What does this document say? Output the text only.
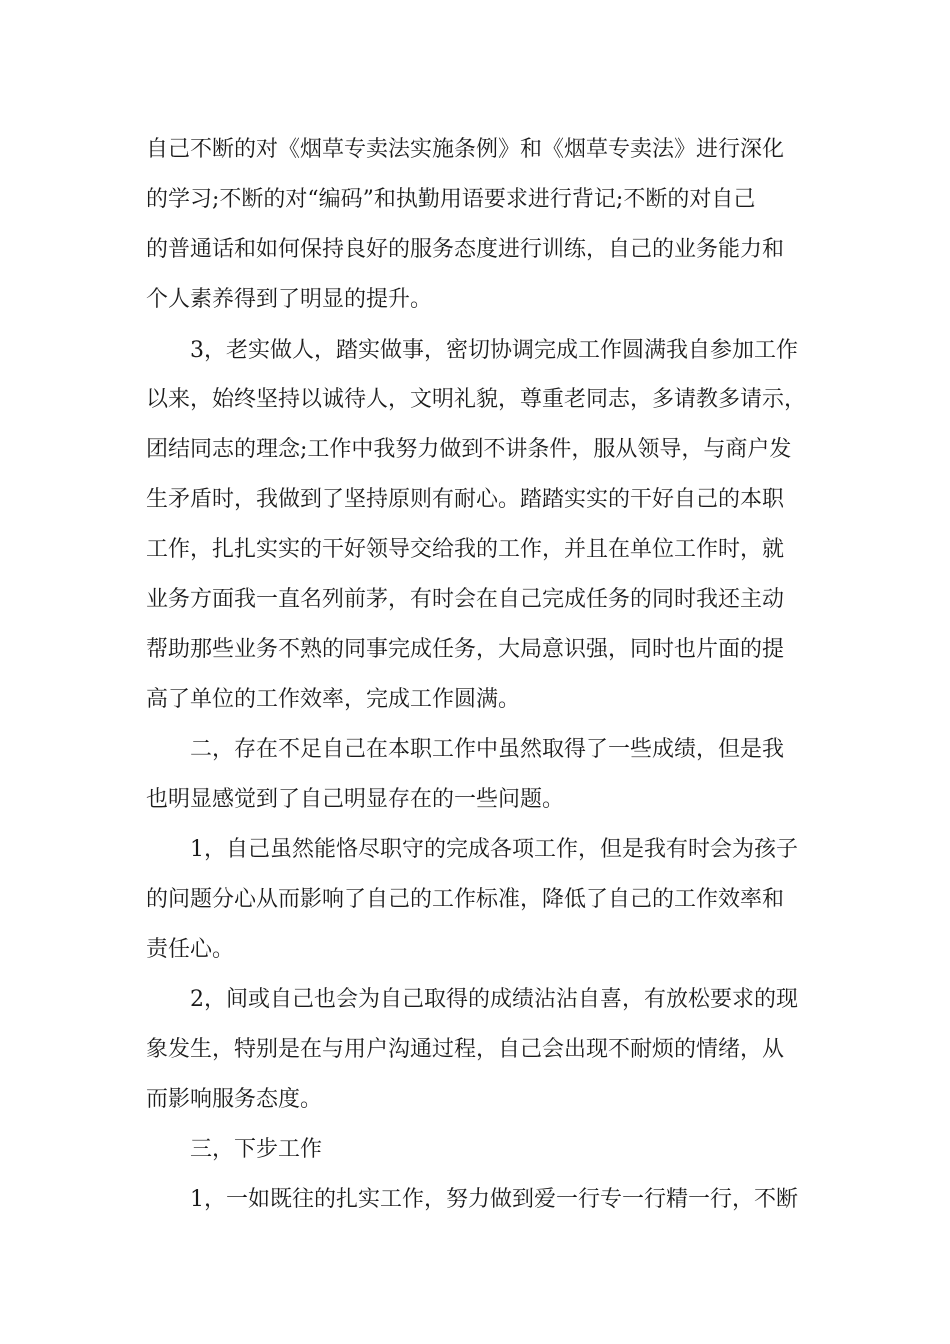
自己不断的对《烟草专卖法实施条例》和《烟草专卖法》进行深化
的学习;不断的对“编码”和执勤用语要求进行背记;不断的对自己
的普通话和如何保持良好的服务态度进行训练，自己的业务能力和
个人素养得到了明显的提升。
3，老实做人，踏实做事，密切协调完成工作圆满我自参加工作
以来，始终坚持以诚待人，文明礼貌，尊重老同志，多请教多请示，
团结同志的理念;工作中我努力做到不讲条件，服从领导，与商户发
生矛盾时，我做到了坚持原则有耐心。踏踏实实的干好自己的本职
工作，扎扎实实的干好领导交给我的工作，并且在单位工作时，就
业务方面我一直名列前茅，有时会在自己完成任务的同时我还主动
帮助那些业务不熟的同事完成任务，大局意识强，同时也片面的提
高了单位的工作效率，完成工作圆满。
二，存在不足自己在本职工作中虽然取得了一些成绩，但是我
也明显感觉到了自己明显存在的一些问题。
1，自己虽然能恪尽职守的完成各项工作，但是我有时会为孩子
的问题分心从而影响了自己的工作标准，降低了自己的工作效率和
责任心。
2，间或自己也会为自己取得的成绩沾沾自喜，有放松要求的现
象发生，特别是在与用户沟通过程，自己会出现不耐烦的情绪，从
而影响服务态度。
三，下步工作
1，一如既往的扎实工作，努力做到爱一行专一行精一行，不断
